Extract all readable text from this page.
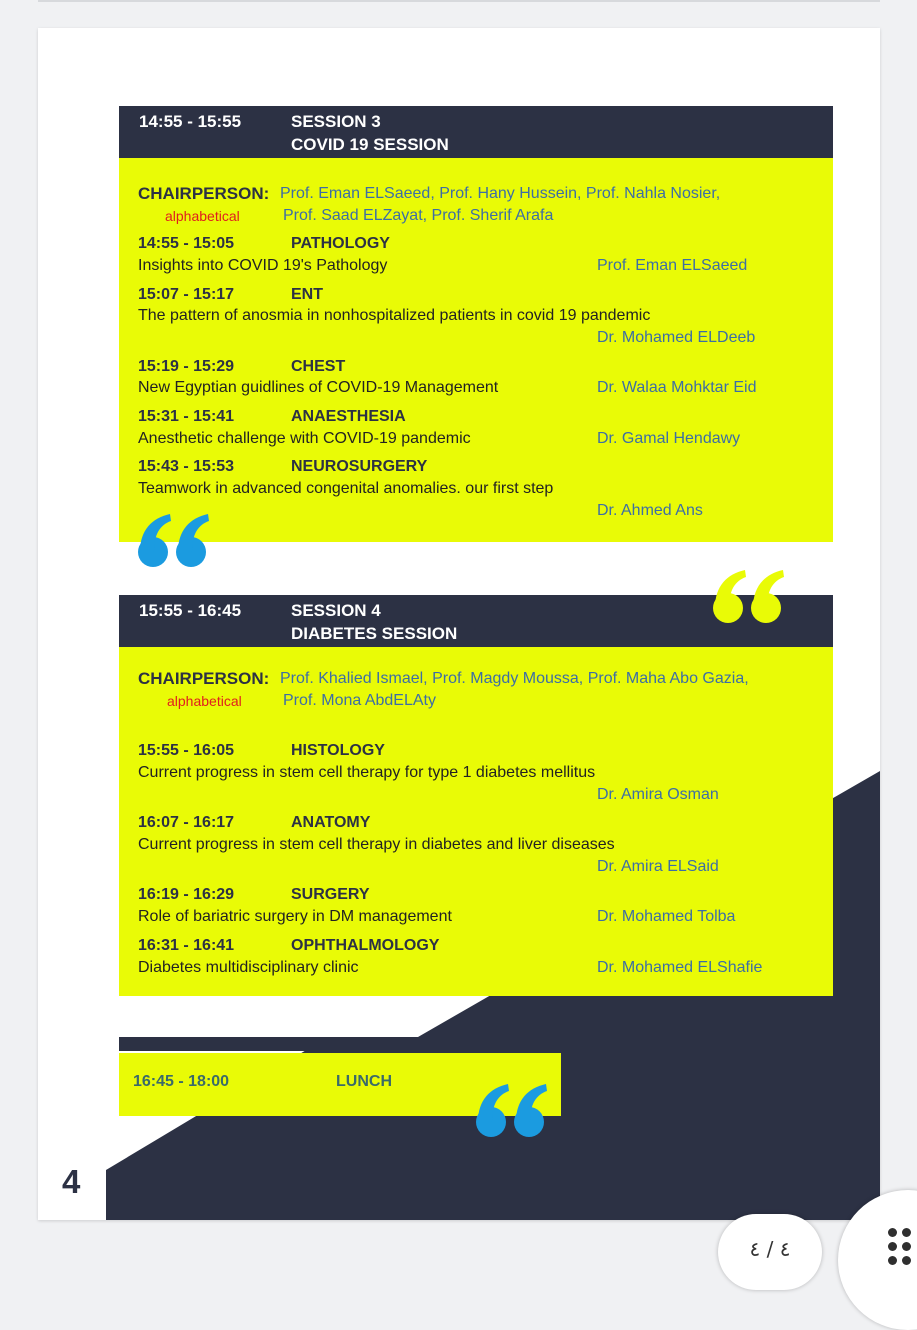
14:55 - 15:55	SESSION 3
COVID 19 SESSION
CHAIRPERSON: Prof. Eman ELSaeed, Prof. Hany Hussein, Prof. Nahla Nosier,
alphabetical	Prof. Saad ELZayat, Prof. Sherif Arafa
14:55 - 15:05	PATHOLOGY
Insights into COVID 19's Pathology	Prof. Eman ELSaeed
15:07 - 15:17	ENT
The pattern of anosmia in nonhospitalized patients in covid 19 pandemic
Dr. Mohamed ELDeeb
15:19 - 15:29	CHEST
New Egyptian guidlines of COVID-19 Management	Dr. Walaa Mohktar Eid
15:31 - 15:41	ANAESTHESIA
Anesthetic challenge with COVID-19 pandemic	Dr. Gamal Hendawy
15:43 - 15:53	NEUROSURGERY
Teamwork in advanced congenital anomalies. our first step
Dr. Ahmed Ans
15:55 - 16:45	SESSION 4
DIABETES SESSION
CHAIRPERSON: Prof. Khalied Ismael, Prof. Magdy Moussa, Prof. Maha Abo Gazia,
alphabetical	Prof. Mona AbdELAty
15:55 - 16:05	HISTOLOGY
Current progress in stem cell therapy for type 1 diabetes mellitus
Dr. Amira Osman
16:07 - 16:17	ANATOMY
Current progress in stem cell therapy in diabetes and liver diseases
Dr. Amira ELSaid
16:19 - 16:29	SURGERY
Role of bariatric surgery in DM management	Dr. Mohamed Tolba
16:31 - 16:41	OPHTHALMOLOGY
Diabetes multidisciplinary clinic	Dr. Mohamed ELShafie
16:45 - 18:00	LUNCH
4
٤ / ٤
